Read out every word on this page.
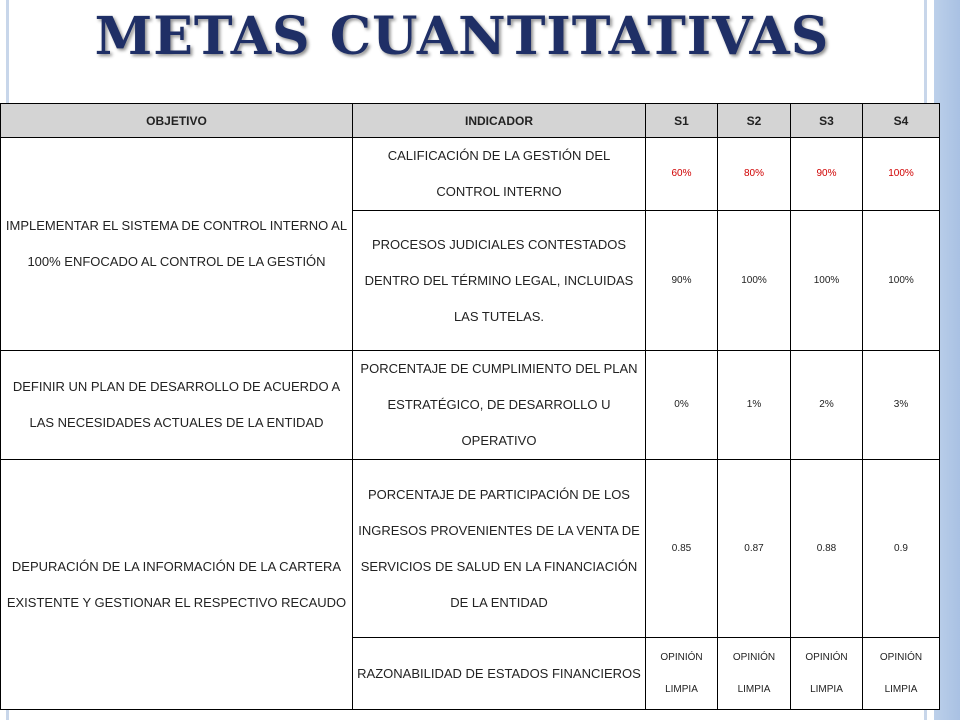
METAS CUANTITATIVAS
OBJETIVO	INDICADOR	S1	S2	S3	S4
IMPLEMENTAR EL SISTEMA DE CONTROL INTERNO AL 100% ENFOCADO AL CONTROL DE LA GESTIÓN	CALIFICACIÓN DE LA GESTIÓN DEL CONTROL INTERNO	60%	80%	90%	100%
	PROCESOS JUDICIALES CONTESTADOS DENTRO DEL TÉRMINO LEGAL, INCLUIDAS LAS TUTELAS.	90%	100%	100%	100%
DEFINIR UN PLAN DE DESARROLLO DE ACUERDO A LAS NECESIDADES ACTUALES DE LA ENTIDAD	PORCENTAJE DE CUMPLIMIENTO DEL PLAN ESTRATÉGICO, DE DESARROLLO U OPERATIVO	0%	1%	2%	3%
DEPURACIÓN DE LA INFORMACIÓN DE LA CARTERA EXISTENTE Y GESTIONAR EL RESPECTIVO RECAUDO	PORCENTAJE DE PARTICIPACIÓN DE LOS INGRESOS PROVENIENTES DE LA VENTA DE SERVICIOS DE SALUD EN LA FINANCIACIÓN DE LA ENTIDAD	0.85	0.87	0.88	0.9
	RAZONABILIDAD DE ESTADOS FINANCIEROS	OPINIÓN LIMPIA	OPINIÓN LIMPIA	OPINIÓN LIMPIA	OPINIÓN LIMPIA
